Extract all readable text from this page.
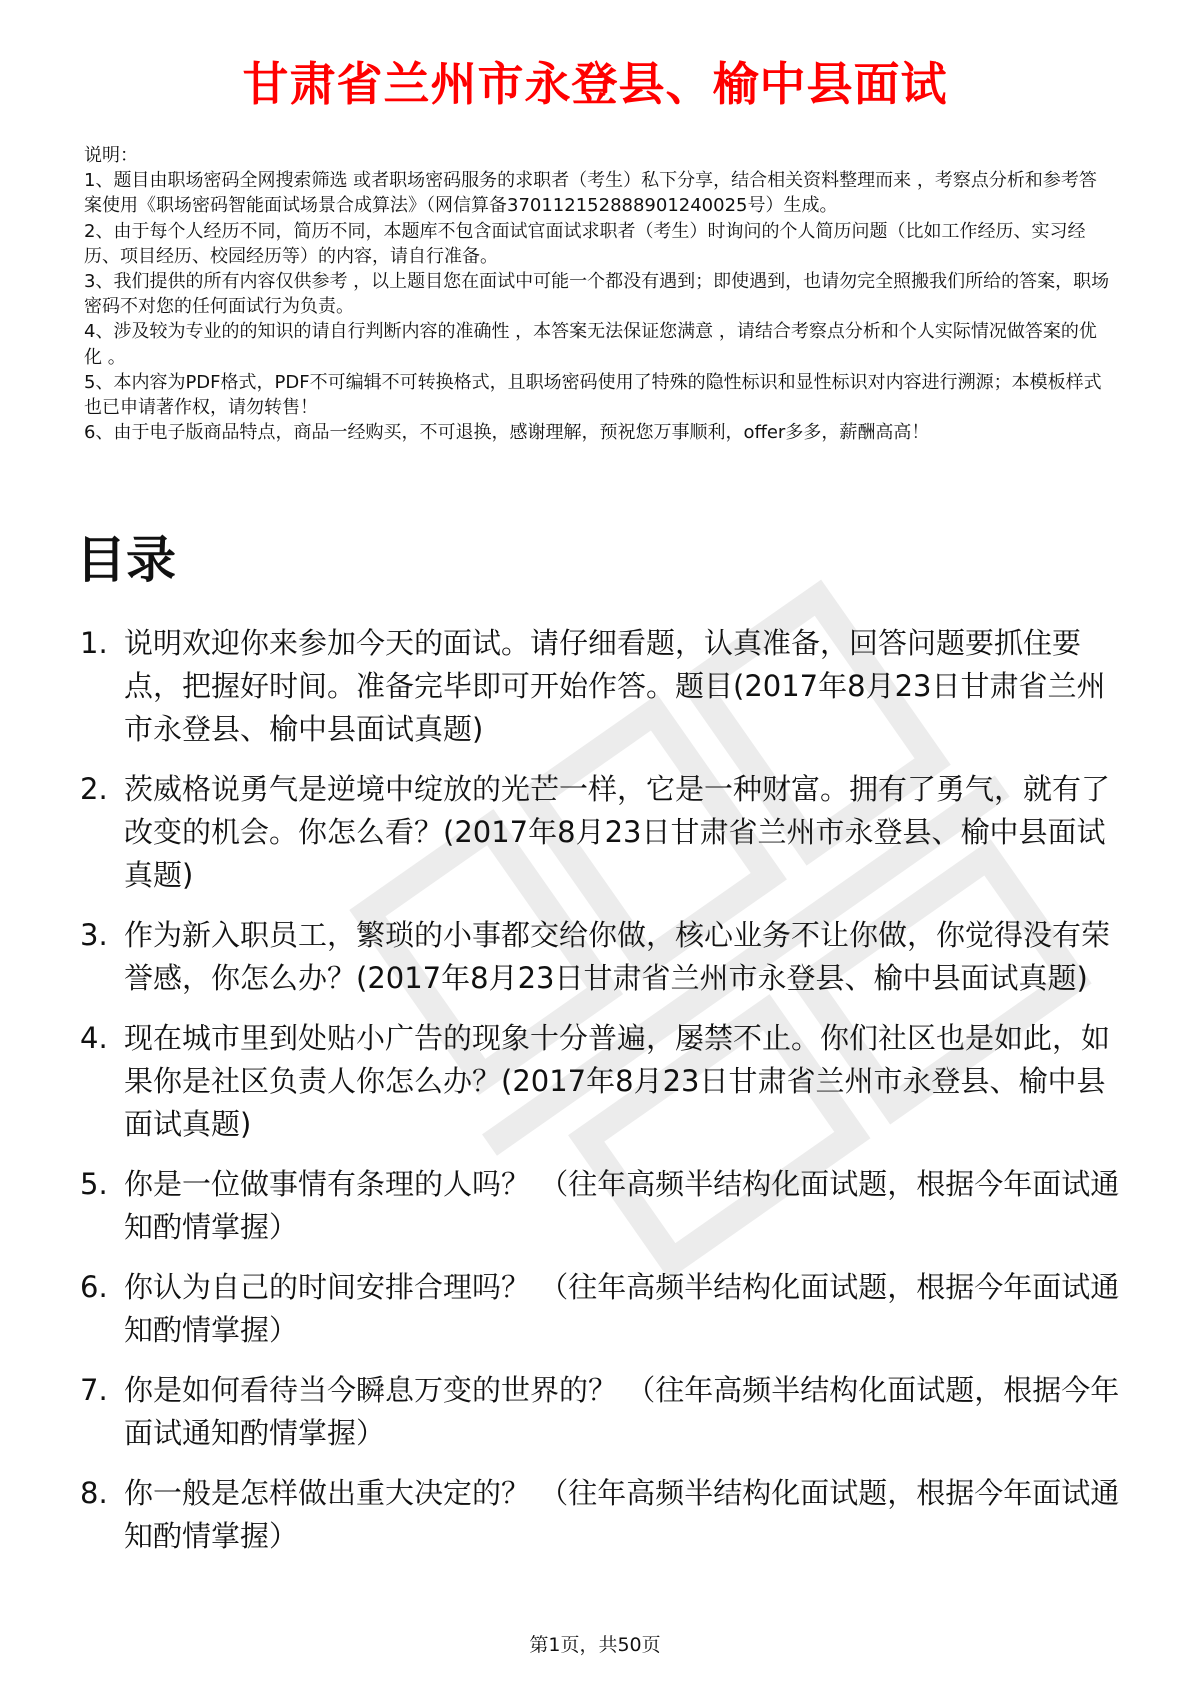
甘肃省兰州市永登县、榆中县面试

说明：

1、题目由职场密码全网搜索筛选 或者职场密码服务的求职者（考生）私下分享，结合相关资料整理而来 ，考察点分析和参考答案使用《职场密码智能面试场景合成算法》（网信算备370112152888901240025号）生成。

2、由于每个人经历不同，简历不同，本题库不包含面试官面试求职者（考生）时询问的个人简历问题（比如工作经历、实习经历、项目经历、校园经历等）的内容，请自行准备。

3、我们提供的所有内容仅供参考 ，以上题目您在面试中可能一个都没有遇到；即使遇到，也请勿完全照搬我们所给的答案，职场密码不对您的任何面试行为负责。

4、涉及较为专业的的知识的请自行判断内容的准确性 ，本答案无法保证您满意 ，请结合考察点分析和个人实际情况做答案的优化 。

5、本内容为PDF格式，PDF不可编辑不可转换格式，且职场密码使用了特殊的隐性标识和显性标识对内容进行溯源；本模板样式也已申请著作权，请勿转售！

6、由于电子版商品特点，商品一经购买，不可退换，感谢理解，预祝您万事顺利，offer多多，薪酬高高！

目录
1. 说明欢迎你来参加今天的面试。请仔细看题，认真准备，回答问题要抓住要点，把握好时间。准备完毕即可开始作答。题目(2017年8月23日甘肃省兰州市永登县、榆中县面试真题)
2. 茨威格说勇气是逆境中绽放的光芒一样，它是一种财富。拥有了勇气，就有了改变的机会。你怎么看？(2017年8月23日甘肃省兰州市永登县、榆中县面试真题)
3. 作为新入职员工，繁琐的小事都交给你做，核心业务不让你做，你觉得没有荣誉感，你怎么办？(2017年8月23日甘肃省兰州市永登县、榆中县面试真题)
4. 现在城市里到处贴小广告的现象十分普遍，屡禁不止。你们社区也是如此，如果你是社区负责人你怎么办？(2017年8月23日甘肃省兰州市永登县、榆中县面试真题)
5. 你是一位做事情有条理的人吗？ （往年高频半结构化面试题，根据今年面试通知酌情掌握）
6. 你认为自己的时间安排合理吗？ （往年高频半结构化面试题，根据今年面试通知酌情掌握）
7. 你是如何看待当今瞬息万变的世界的？ （往年高频半结构化面试题，根据今年面试通知酌情掌握）
8. 你一般是怎样做出重大决定的？ （往年高频半结构化面试题，根据今年面试通知酌情掌握）
第1页，共50页
